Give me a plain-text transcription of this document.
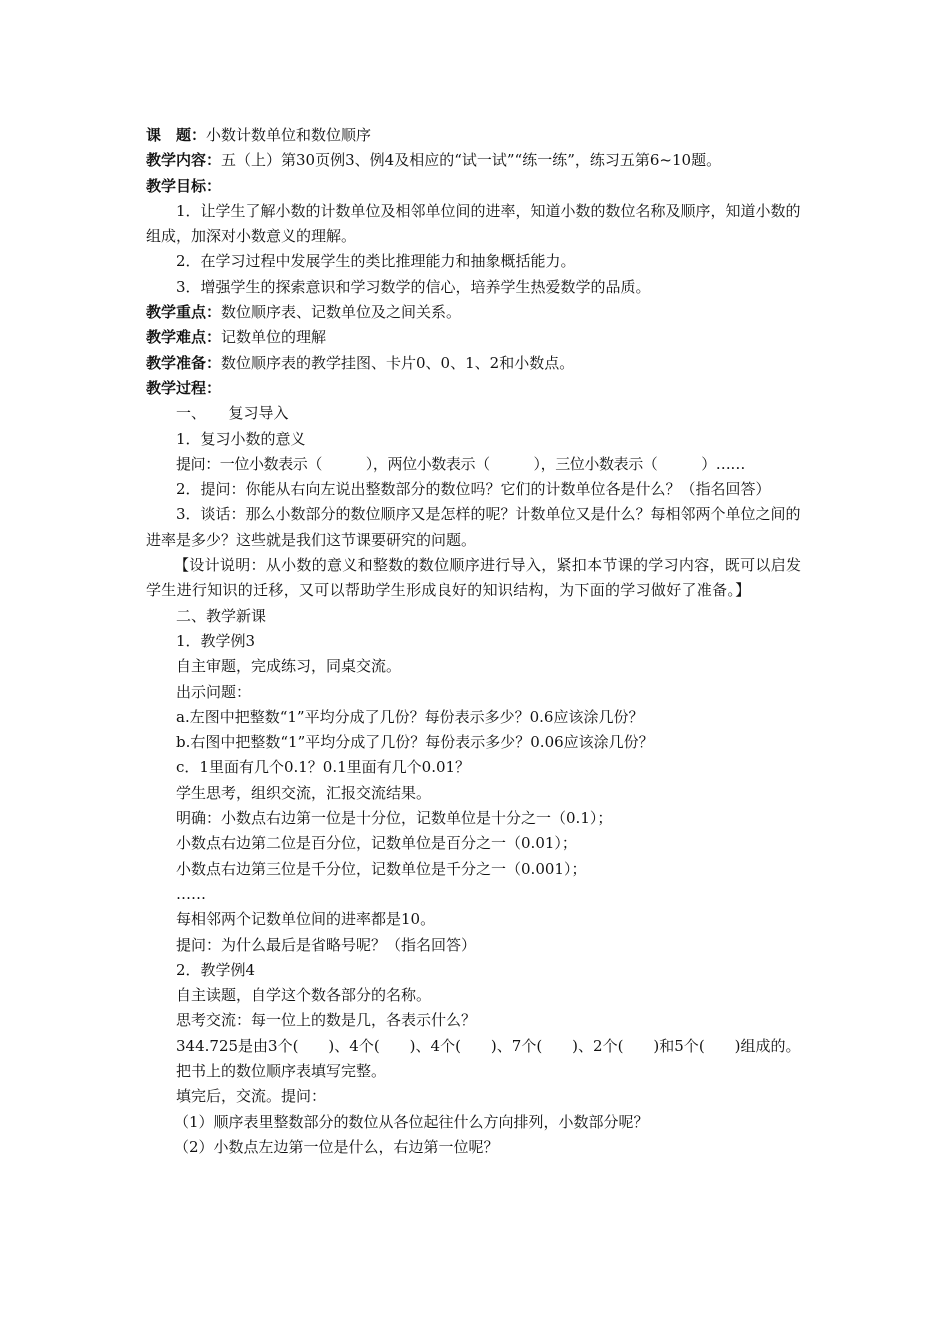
课　题：小数计数单位和数位顺序

教学内容：五（上）第30页例3、例4及相应的“试一试”“练一练”，练习五第6~10题。

教学目标：

1．让学生了解小数的计数单位及相邻单位间的进率，知道小数的数位名称及顺序，知道小数的组成，加深对小数意义的理解。

2．在学习过程中发展学生的类比推理能力和抽象概括能力。

3．增强学生的探索意识和学习数学的信心，培养学生热爱数学的品质。

教学重点：数位顺序表、记数单位及之间关系。

教学难点：记数单位的理解

教学准备：数位顺序表的教学挂图、卡片0、0、1、2和小数点。

教学过程：

一、　　复习导入

1．复习小数的意义

提问：一位小数表示（　　　），两位小数表示（　　　），三位小数表示（　　　）……

2．提问：你能从右向左说出整数部分的数位吗？它们的计数单位各是什么？（指名回答）

3．谈话：那么小数部分的数位顺序又是怎样的呢？计数单位又是什么？每相邻两个单位之间的进率是多少？这些就是我们这节课要研究的问题。

【设计说明：从小数的意义和整数的数位顺序进行导入，紧扣本节课的学习内容，既可以启发学生进行知识的迁移，又可以帮助学生形成良好的知识结构，为下面的学习做好了准备。】

二、教学新课

1．教学例3

自主审题，完成练习，同桌交流。

出示问题：

a.左图中把整数“1”平均分成了几份？每份表示多少？0.6应该涂几份？

b.右图中把整数“1”平均分成了几份？每份表示多少？0.06应该涂几份？

c．1里面有几个0.1？0.1里面有几个0.01？

学生思考，组织交流，汇报交流结果。

明确：小数点右边第一位是十分位，记数单位是十分之一（0.1）；

小数点右边第二位是百分位，记数单位是百分之一（0.01）；

小数点右边第三位是千分位，记数单位是千分之一（0.001）；

……

每相邻两个记数单位间的进率都是10。

提问：为什么最后是省略号呢？（指名回答）

2．教学例4

自主读题，自学这个数各部分的名称。

思考交流：每一位上的数是几，各表示什么？

344.725是由3个(　　)、4个(　　)、4个(　　)、7个(　　)、2个(　　)和5个(　　)组成的。

把书上的数位顺序表填写完整。

填完后，交流。提问：

（1）顺序表里整数部分的数位从各位起往什么方向排列，小数部分呢？

（2）小数点左边第一位是什么，右边第一位呢？
